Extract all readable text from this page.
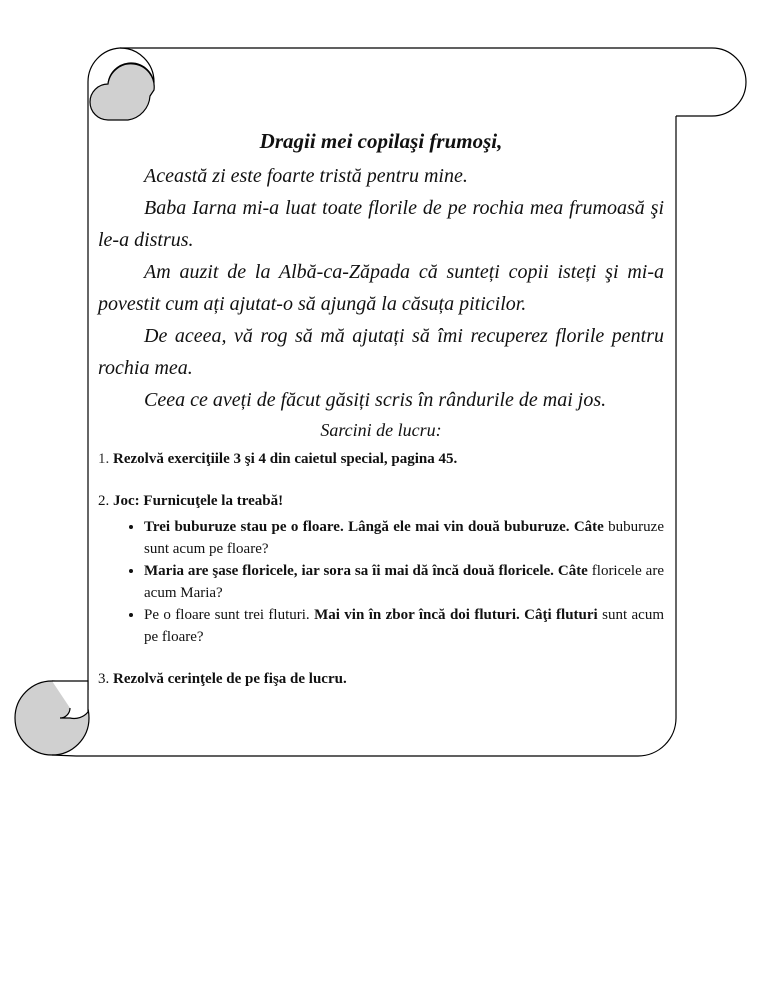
Dragii mei copilaşi frumoşi,

Această zi este foarte tristă pentru mine.

Baba Iarna mi-a luat toate florile de pe rochia mea frumoasă şi le-a distrus.

Am auzit de la Albă-ca-Zăpada că sunteți copii isteți şi mi-a povestit cum ați ajutat-o să ajungă la căsuța piticilor.

De aceea, vă rog să mă ajutați să îmi recuperez florile pentru rochia mea.

Ceea ce aveți de făcut găsiți scris în rândurile de mai jos.

Sarcini de lucru:

1. Rezolvă exerciţiile 3 şi 4 din caietul special, pagina 45.

2. Joc: Furnicuţele la treabă!

• Trei buburuze stau pe o floare. Lângă ele mai vin două buburuze. Câte buburuze sunt acum pe floare?
• Maria are şase floricele, iar sora sa îi mai dă încă două floricele. Câte floricele are acum Maria?
• Pe o floare sunt trei fluturi. Mai vin în zbor încă doi fluturi. Câţi fluturi sunt acum pe floare?

3. Rezolvă cerinţele de pe fişa de lucru.
